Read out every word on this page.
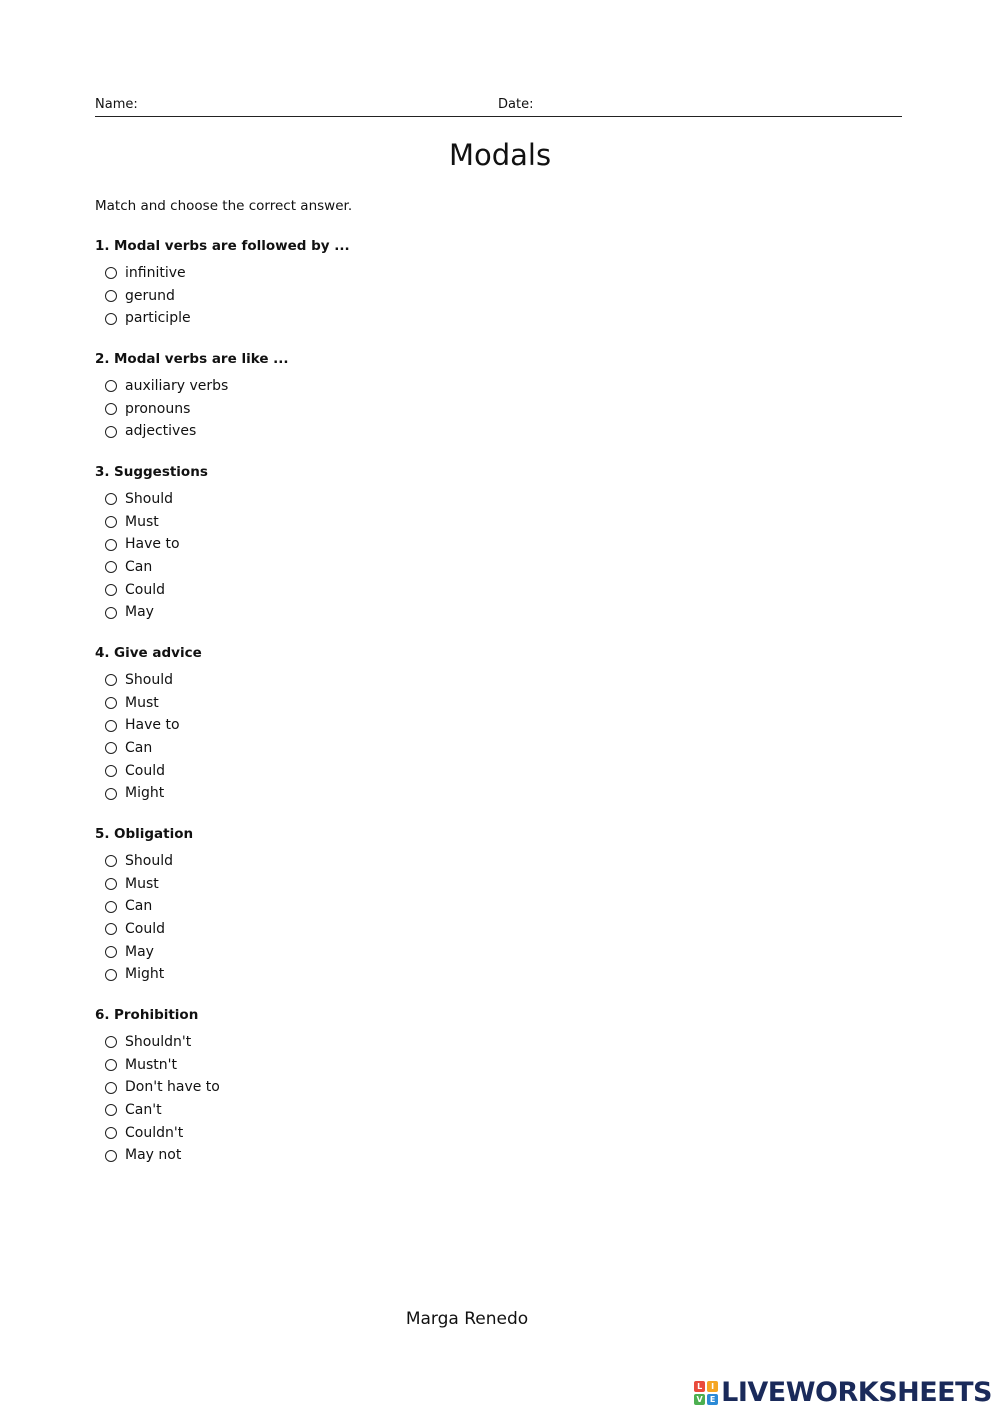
Name:	Date:
Modals

Match and choose the correct answer.

1. Modal verbs are followed by ...
infinitive
gerund
participle
2. Modal verbs are like ...
auxiliary verbs
pronouns
adjectives
3. Suggestions
Should
Must
Have to
Can
Could
May
4. Give advice
Should
Must
Have to
Can
Could
Might
5. Obligation
Should
Must
Can
Could
May
Might
6. Prohibition
Shouldn't
Mustn't
Don't have to
Can't
Couldn't
May not

Marga Renedo

L	I
V E LIVEWORKSHEETS
